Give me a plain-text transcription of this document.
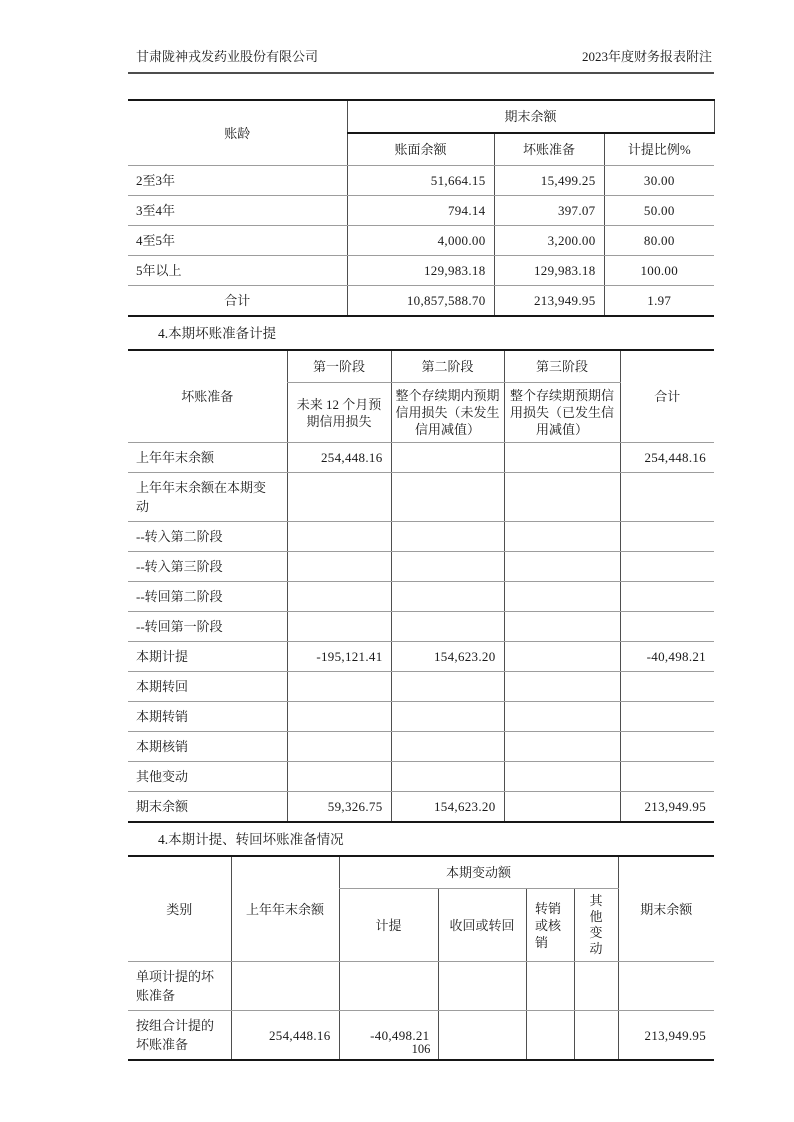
甘肃陇神戎发药业股份有限公司	2023年度财务报表附注
账龄	期末余额		
	账面余额	坏账准备	计提比例%
2至3年	51,664.15	15,499.25	30.00
3至4年	794.14	397.07	50.00
4至5年	4,000.00	3,200.00	80.00
5年以上	129,983.18	129,983.18	100.00
合计	10,857,588.70	213,949.95	1.97
4.本期坏账准备计提
坏账准备	第一阶段	第二阶段	第三阶段	合计
	未来 12 个月预期信用损失	整个存续期内预期信用损失（未发生信用减值）	整个存续期预期信用损失（已发生信用减值）	
上年年末余额	254,448.16			254,448.16
上年年末余额在本期变动				
--转入第二阶段				
--转入第三阶段				
--转回第二阶段				
--转回第一阶段				
本期计提	-195,121.41	154,623.20		-40,498.21
本期转回				
本期转销				
本期核销				
其他变动				
期末余额	59,326.75	154,623.20		213,949.95
4.本期计提、转回坏账准备情况
类别	上年年末余额	本期变动额				期末余额
		计提	收回或转回	转销或核销	其他变动	
单项计提的坏账准备						
按组合计提的坏账准备	254,448.16	-40,498.21				213,949.95
106
